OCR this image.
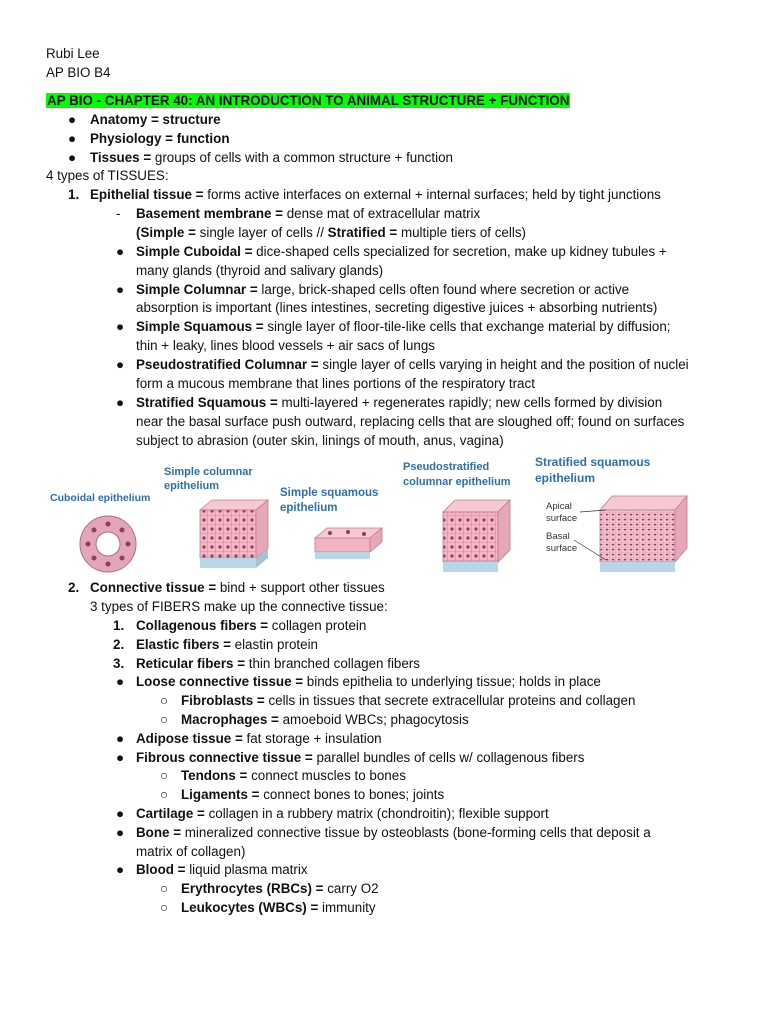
Rubi Lee
AP BIO B4
AP BIO - CHAPTER 40: AN INTRODUCTION TO ANIMAL STRUCTURE + FUNCTION
●	Anatomy = structure
●	Physiology = function
●	Tissues = groups of cells with a common structure + function
4 types of TISSUES:
1. Epithelial tissue = forms active interfaces on external + internal surfaces; held by tight junctions
-	Basement membrane = dense mat of extracellular matrix
(Simple = single layer of cells // Stratified = multiple tiers of cells)
● Simple Cuboidal = dice-shaped cells specialized for secretion, make up kidney tubules +
many glands (thyroid and salivary glands)
● Simple Columnar = large, brick-shaped cells often found where secretion or active
absorption is important (lines intestines, secreting digestive juices + absorbing nutrients)
● Simple Squamous = single layer of floor-tile-like cells that exchange material by diffusion;
thin + leaky, lines blood vessels + air sacs of lungs
● Pseudostratified Columnar = single layer of cells varying in height and the position of nuclei
form a mucous membrane that lines portions of the respiratory tract
● Stratified Squamous = multi-layered + regenerates rapidly; new cells formed by division
near the basal surface push outward, replacing cells that are sloughed off; found on surfaces
subject to abrasion (outer skin, linings of mouth, anus, vagina)
Cuboidal epithelium
Simple columnar
epithelium
Simple squamous
epithelium
Pseudostratified
columnar epithelium
Stratified squamous
epithelium
Apical
surface
Basal
surface
2. Connective tissue = bind + support other tissues
3 types of FIBERS make up the connective tissue:
1. Collagenous fibers = collagen protein
2. Elastic fibers = elastin protein
3. Reticular fibers = thin branched collagen fibers
● Loose connective tissue = binds epithelia to underlying tissue; holds in place
○ Fibroblasts = cells in tissues that secrete extracellular proteins and collagen
○ Macrophages = amoeboid WBCs; phagocytosis
● Adipose tissue = fat storage + insulation
● Fibrous connective tissue = parallel bundles of cells w/ collagenous fibers
○ Tendons = connect muscles to bones
○ Ligaments = connect bones to bones; joints
● Cartilage = collagen in a rubbery matrix (chondroitin); flexible support
● Bone = mineralized connective tissue by osteoblasts (bone-forming cells that deposit a
matrix of collagen)
● Blood = liquid plasma matrix
○ Erythrocytes (RBCs) = carry O2
○ Leukocytes (WBCs) = immunity
